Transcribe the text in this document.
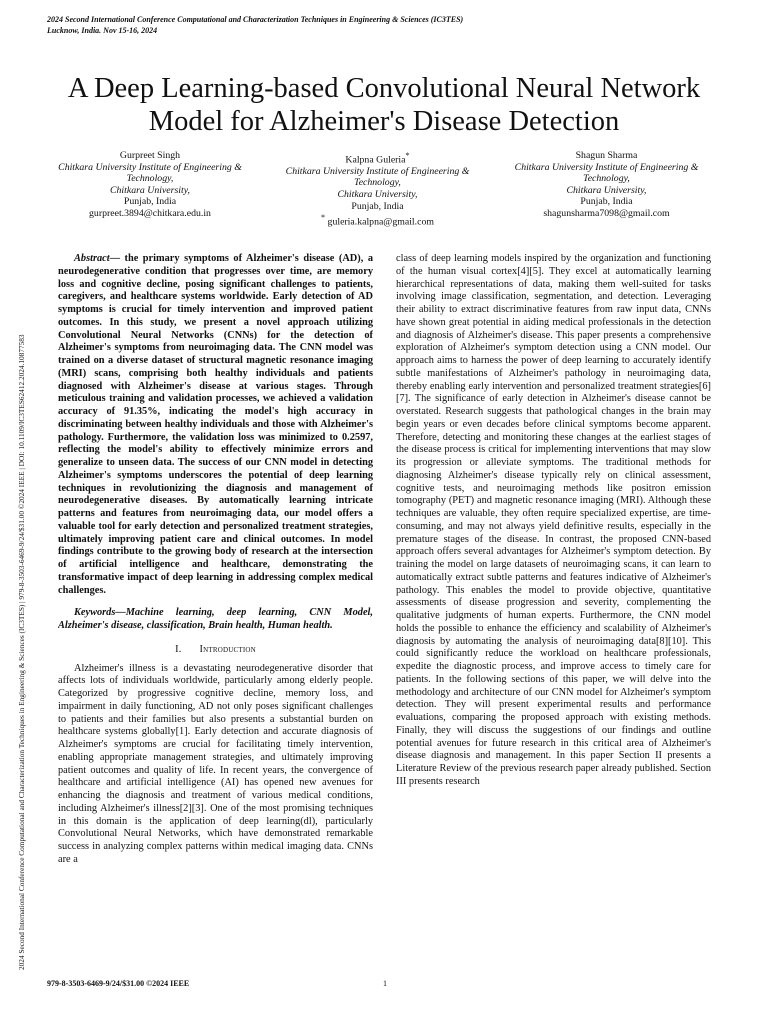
2024 Second International Conference Computational and Characterization Techniques in Engineering & Sciences (IC3TES)
Lucknow, India. Nov 15-16, 2024
2024 Second International Conference Computational and Characterization Techniques in Engineering & Sciences (IC3TES) | 979-8-3503-6469-9/24/$31.00 ©2024 IEEE | DOI: 10.1109/IC3TES62412.2024.10877583
A Deep Learning-based Convolutional Neural Network Model for Alzheimer's Disease Detection
Gurpreet Singh
Chitkara University Institute of Engineering & Technology,
Chitkara University,
Punjab, India
gurpreet.3894@chitkara.edu.in
Kalpna Guleria*
Chitkara University Institute of Engineering & Technology,
Chitkara University,
Punjab, India
* guleria.kalpna@gmail.com
Shagun Sharma
Chitkara University Institute of Engineering & Technology,
Chitkara University,
Punjab, India
shagunsharma7098@gmail.com

Abstract— the primary symptoms of Alzheimer's disease (AD), a neurodegenerative condition that progresses over time, are memory loss and cognitive decline, posing significant challenges to patients, caregivers, and healthcare systems worldwide. Early detection of AD symptoms is crucial for timely intervention and improved patient outcomes. In this study, we present a novel approach utilizing Convolutional Neural Networks (CNNs) for the detection of Alzheimer's symptoms from neuroimaging data. The CNN model was trained on a diverse dataset of structural magnetic resonance imaging (MRI) scans, comprising both healthy individuals and patients diagnosed with Alzheimer's disease at various stages. Through meticulous training and validation processes, we achieved a validation accuracy of 91.35%, indicating the model's high accuracy in discriminating between healthy individuals and those with Alzheimer's pathology. Furthermore, the validation loss was minimized to 0.2597, reflecting the model's ability to effectively minimize errors and generalize to unseen data. The success of our CNN model in detecting Alzheimer's symptoms underscores the potential of deep learning techniques in revolutionizing the diagnosis and management of neurodegenerative diseases. By automatically learning intricate patterns and features from neuroimaging data, our model offers a valuable tool for early detection and personalized treatment strategies, ultimately improving patient care and clinical outcomes. In model findings contribute to the growing body of research at the intersection of artificial intelligence and healthcare, demonstrating the transformative impact of deep learning in addressing complex medical challenges.

Keywords—Machine learning, deep learning, CNN Model, Alzheimer's disease, classification, Brain health, Human health.

I. Introduction

Alzheimer's illness is a devastating neurodegenerative disorder that affects lots of individuals worldwide, particularly among elderly people. Categorized by progressive cognitive decline, memory loss, and impairment in daily functioning, AD not only poses significant challenges to patients and their families but also presents a substantial burden on healthcare systems globally[1]. Early detection and accurate diagnosis of Alzheimer's symptoms are crucial for facilitating timely intervention, enabling appropriate management strategies, and ultimately improving patient outcomes and quality of life. In recent years, the convergence of healthcare and artificial intelligence (AI) has opened new avenues for enhancing the diagnosis and treatment of various medical conditions, including Alzheimer's illness[2][3]. One of the most promising techniques in this domain is the application of deep learning(dl), particularly Convolutional Neural Networks, which have demonstrated remarkable success in analyzing complex patterns within medical imaging data. CNNs are a

class of deep learning models inspired by the organization and functioning of the human visual cortex[4][5]. They excel at automatically learning hierarchical representations of data, making them well-suited for tasks involving image classification, segmentation, and detection. Leveraging their ability to extract discriminative features from raw input data, CNNs have shown great potential in aiding medical professionals in the detection and diagnosis of Alzheimer's disease. This paper presents a comprehensive exploration of Alzheimer's symptom detection using a CNN model. Our approach aims to harness the power of deep learning to accurately identify subtle manifestations of Alzheimer's pathology in neuroimaging data, thereby enabling early intervention and personalized treatment strategies[6][7]. The significance of early detection in Alzheimer's disease cannot be overstated. Research suggests that pathological changes in the brain may begin years or even decades before clinical symptoms become apparent. Therefore, detecting and monitoring these changes at the earliest stages of the disease process is critical for implementing interventions that may slow its progression or alleviate symptoms. The traditional methods for diagnosing Alzheimer's disease typically rely on clinical assessment, cognitive tests, and neuroimaging methods like positron emission tomography (PET) and magnetic resonance imaging (MRI). Although these techniques are valuable, they often require specialized expertise, are time-consuming, and may not always yield definitive results, especially in the premature stages of the disease. In contrast, the proposed CNN-based approach offers several advantages for Alzheimer's symptom detection. By training the model on large datasets of neuroimaging scans, it can learn to automatically extract subtle patterns and features indicative of Alzheimer's pathology. This enables the model to provide objective, quantitative assessments of disease progression and severity, complementing the qualitative judgments of human experts. Furthermore, the CNN model holds the possible to enhance the efficiency and scalability of Alzheimer's diagnosis by automating the analysis of neuroimaging data[8][10]. This could significantly reduce the workload on healthcare professionals, expedite the diagnostic process, and improve access to timely care for patients. In the following sections of this paper, we will delve into the methodology and architecture of our CNN model for Alzheimer's symptom detection. They will present experimental results and performance evaluations, comparing the proposed approach with existing methods. Finally, they will discuss the suggestions of our findings and outline potential avenues for future research in this critical area of Alzheimer's disease diagnosis and management. In this paper Section II presents a Literature Review of the previous research paper already published. Section III presents research

979-8-3503-6469-9/24/$31.00 ©2024 IEEE	1
